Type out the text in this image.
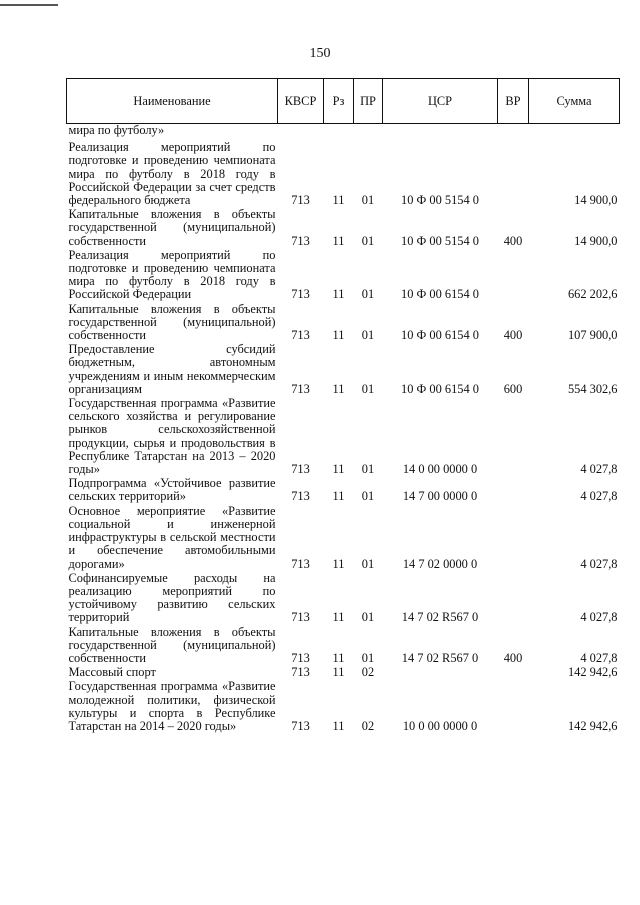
150
Наименование	КВСР	Рз	ПР	ЦСР	ВР	Сумма
мира по футболу»						
Реализация мероприятий по подготовке и проведению чемпионата мира по футболу в 2018 году в Российской Федерации за счет средств федерального бюджета	713	11	01	10 Ф 00 5154 0		14 900,0
Капитальные вложения в объекты государственной (муниципальной) собственности	713	11	01	10 Ф 00 5154 0	400	14 900,0
Реализация мероприятий по подготовке и проведению чемпионата мира по футболу в 2018 году в Российской Федерации	713	11	01	10 Ф 00 6154 0		662 202,6
Капитальные вложения в объекты государственной (муниципальной) собственности	713	11	01	10 Ф 00 6154 0	400	107 900,0
Предоставление субсидий бюджетным, автономным учреждениям и иным некоммерческим организациям	713	11	01	10 Ф 00 6154 0	600	554 302,6
Государственная программа «Развитие сельского хозяйства и регулирование рынков сельскохозяйственной продукции, сырья и продовольствия в Республике Татарстан на 2013 – 2020 годы»	713	11	01	14 0 00 0000 0		4 027,8
Подпрограмма «Устойчивое развитие сельских территорий»	713	11	01	14 7 00 0000 0		4 027,8
Основное мероприятие «Развитие социальной и инженерной инфраструктуры в сельской местности и обеспечение автомобильными дорогами»	713	11	01	14 7 02 0000 0		4 027,8
Софинансируемые расходы на реализацию мероприятий по устойчивому развитию сельских территорий	713	11	01	14 7 02 R567 0		4 027,8
Капитальные вложения в объекты государственной (муниципальной) собственности	713	11	01	14 7 02 R567 0	400	4 027,8
Массовый спорт	713	11	02			142 942,6
Государственная программа «Развитие молодежной политики, физической культуры и спорта в Республике Татарстан на 2014 – 2020 годы»	713	11	02	10 0 00 0000 0		142 942,6
